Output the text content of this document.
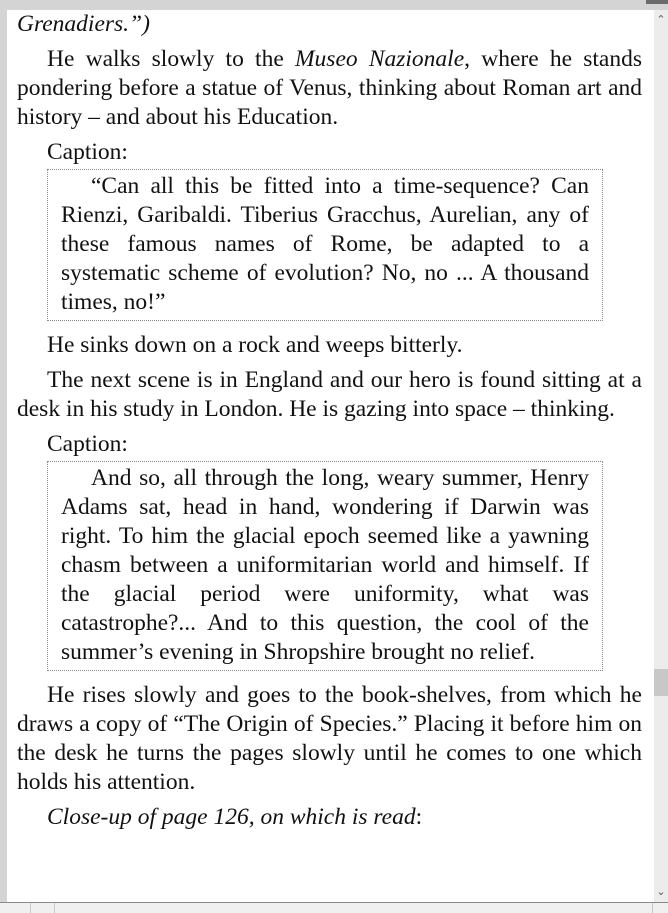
Grenadiers.”)

He walks slowly to the Museo Nazionale, where he stands pondering before a statue of Venus, thinking about Roman art and history – and about his Education.

Caption:

“Can all this be fitted into a time-sequence? Can Rienzi, Garibaldi. Tiberius Gracchus, Aurelian, any of these famous names of Rome, be adapted to a systematic scheme of evolution? No, no ... A thousand times, no!”

He sinks down on a rock and weeps bitterly.

The next scene is in England and our hero is found sitting at a desk in his study in London. He is gazing into space – thinking.

Caption:

And so, all through the long, weary summer, Henry Adams sat, head in hand, wondering if Darwin was right. To him the glacial epoch seemed like a yawning chasm between a uniformitarian world and himself. If the glacial period were uniformity, what was catastrophe?... And to this question, the cool of the summer’s evening in Shropshire brought no relief.

He rises slowly and goes to the book-shelves, from which he draws a copy of “The Origin of Species.” Placing it before him on the desk he turns the pages slowly until he comes to one which holds his attention.

Close-up of page 126, on which is read:

⌃
⌄
